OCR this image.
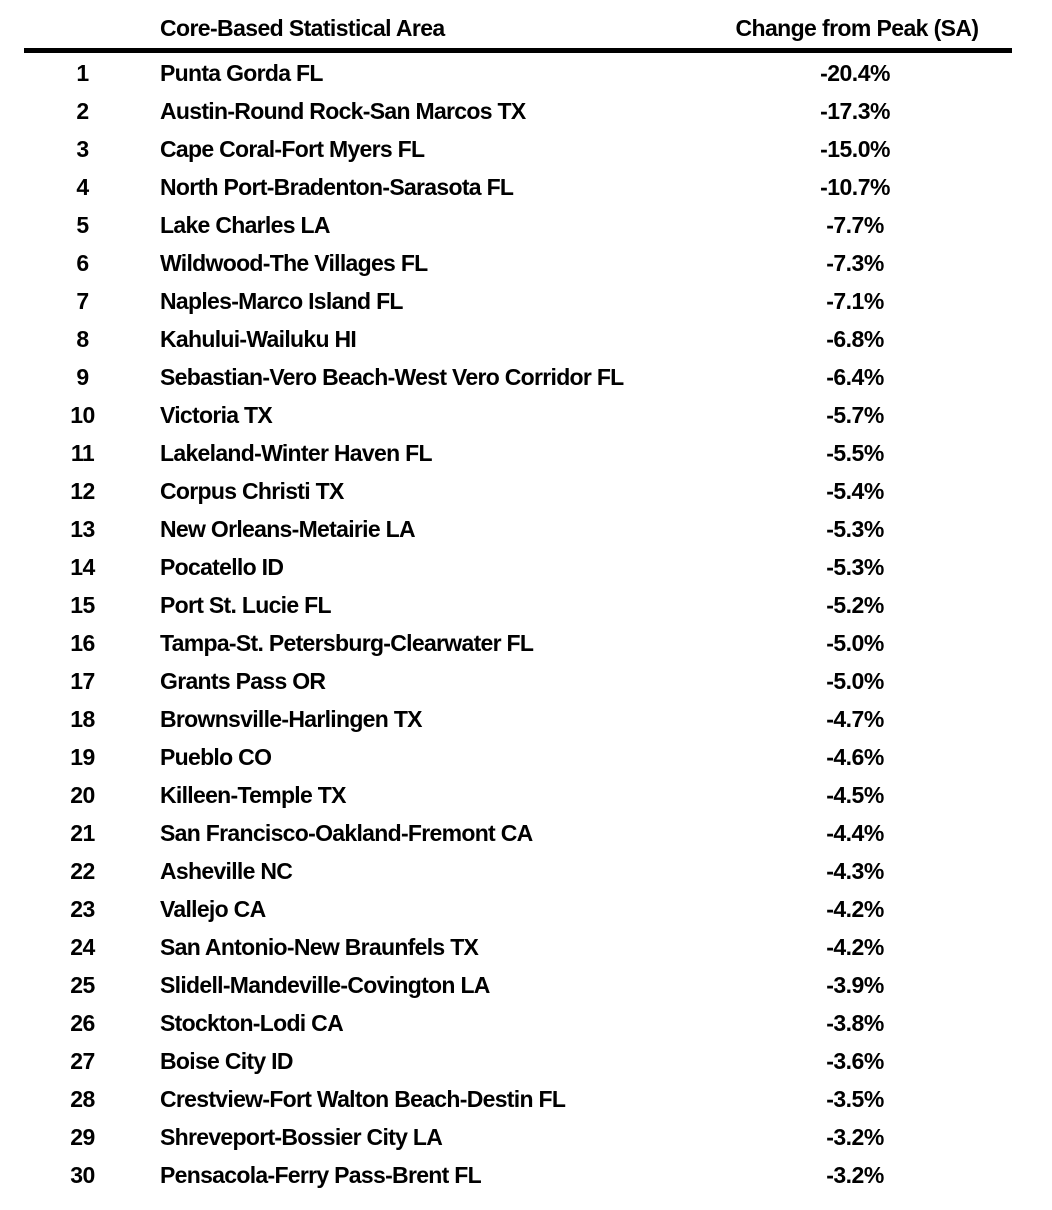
Core-Based Statistical Area	Change from Peak (SA)
1	Punta Gorda FL	-20.4%
2	Austin-Round Rock-San Marcos TX	-17.3%
3	Cape Coral-Fort Myers FL	-15.0%
4	North Port-Bradenton-Sarasota FL	-10.7%
5	Lake Charles LA	-7.7%
6	Wildwood-The Villages FL	-7.3%
7	Naples-Marco Island FL	-7.1%
8	Kahului-Wailuku HI	-6.8%
9	Sebastian-Vero Beach-West Vero Corridor FL	-6.4%
10	Victoria TX	-5.7%
11	Lakeland-Winter Haven FL	-5.5%
12	Corpus Christi TX	-5.4%
13	New Orleans-Metairie LA	-5.3%
14	Pocatello ID	-5.3%
15	Port St. Lucie FL	-5.2%
16	Tampa-St. Petersburg-Clearwater FL	-5.0%
17	Grants Pass OR	-5.0%
18	Brownsville-Harlingen TX	-4.7%
19	Pueblo CO	-4.6%
20	Killeen-Temple TX	-4.5%
21	San Francisco-Oakland-Fremont CA	-4.4%
22	Asheville NC	-4.3%
23	Vallejo CA	-4.2%
24	San Antonio-New Braunfels TX	-4.2%
25	Slidell-Mandeville-Covington LA	-3.9%
26	Stockton-Lodi CA	-3.8%
27	Boise City ID	-3.6%
28	Crestview-Fort Walton Beach-Destin FL	-3.5%
29	Shreveport-Bossier City LA	-3.2%
30	Pensacola-Ferry Pass-Brent FL	-3.2%
